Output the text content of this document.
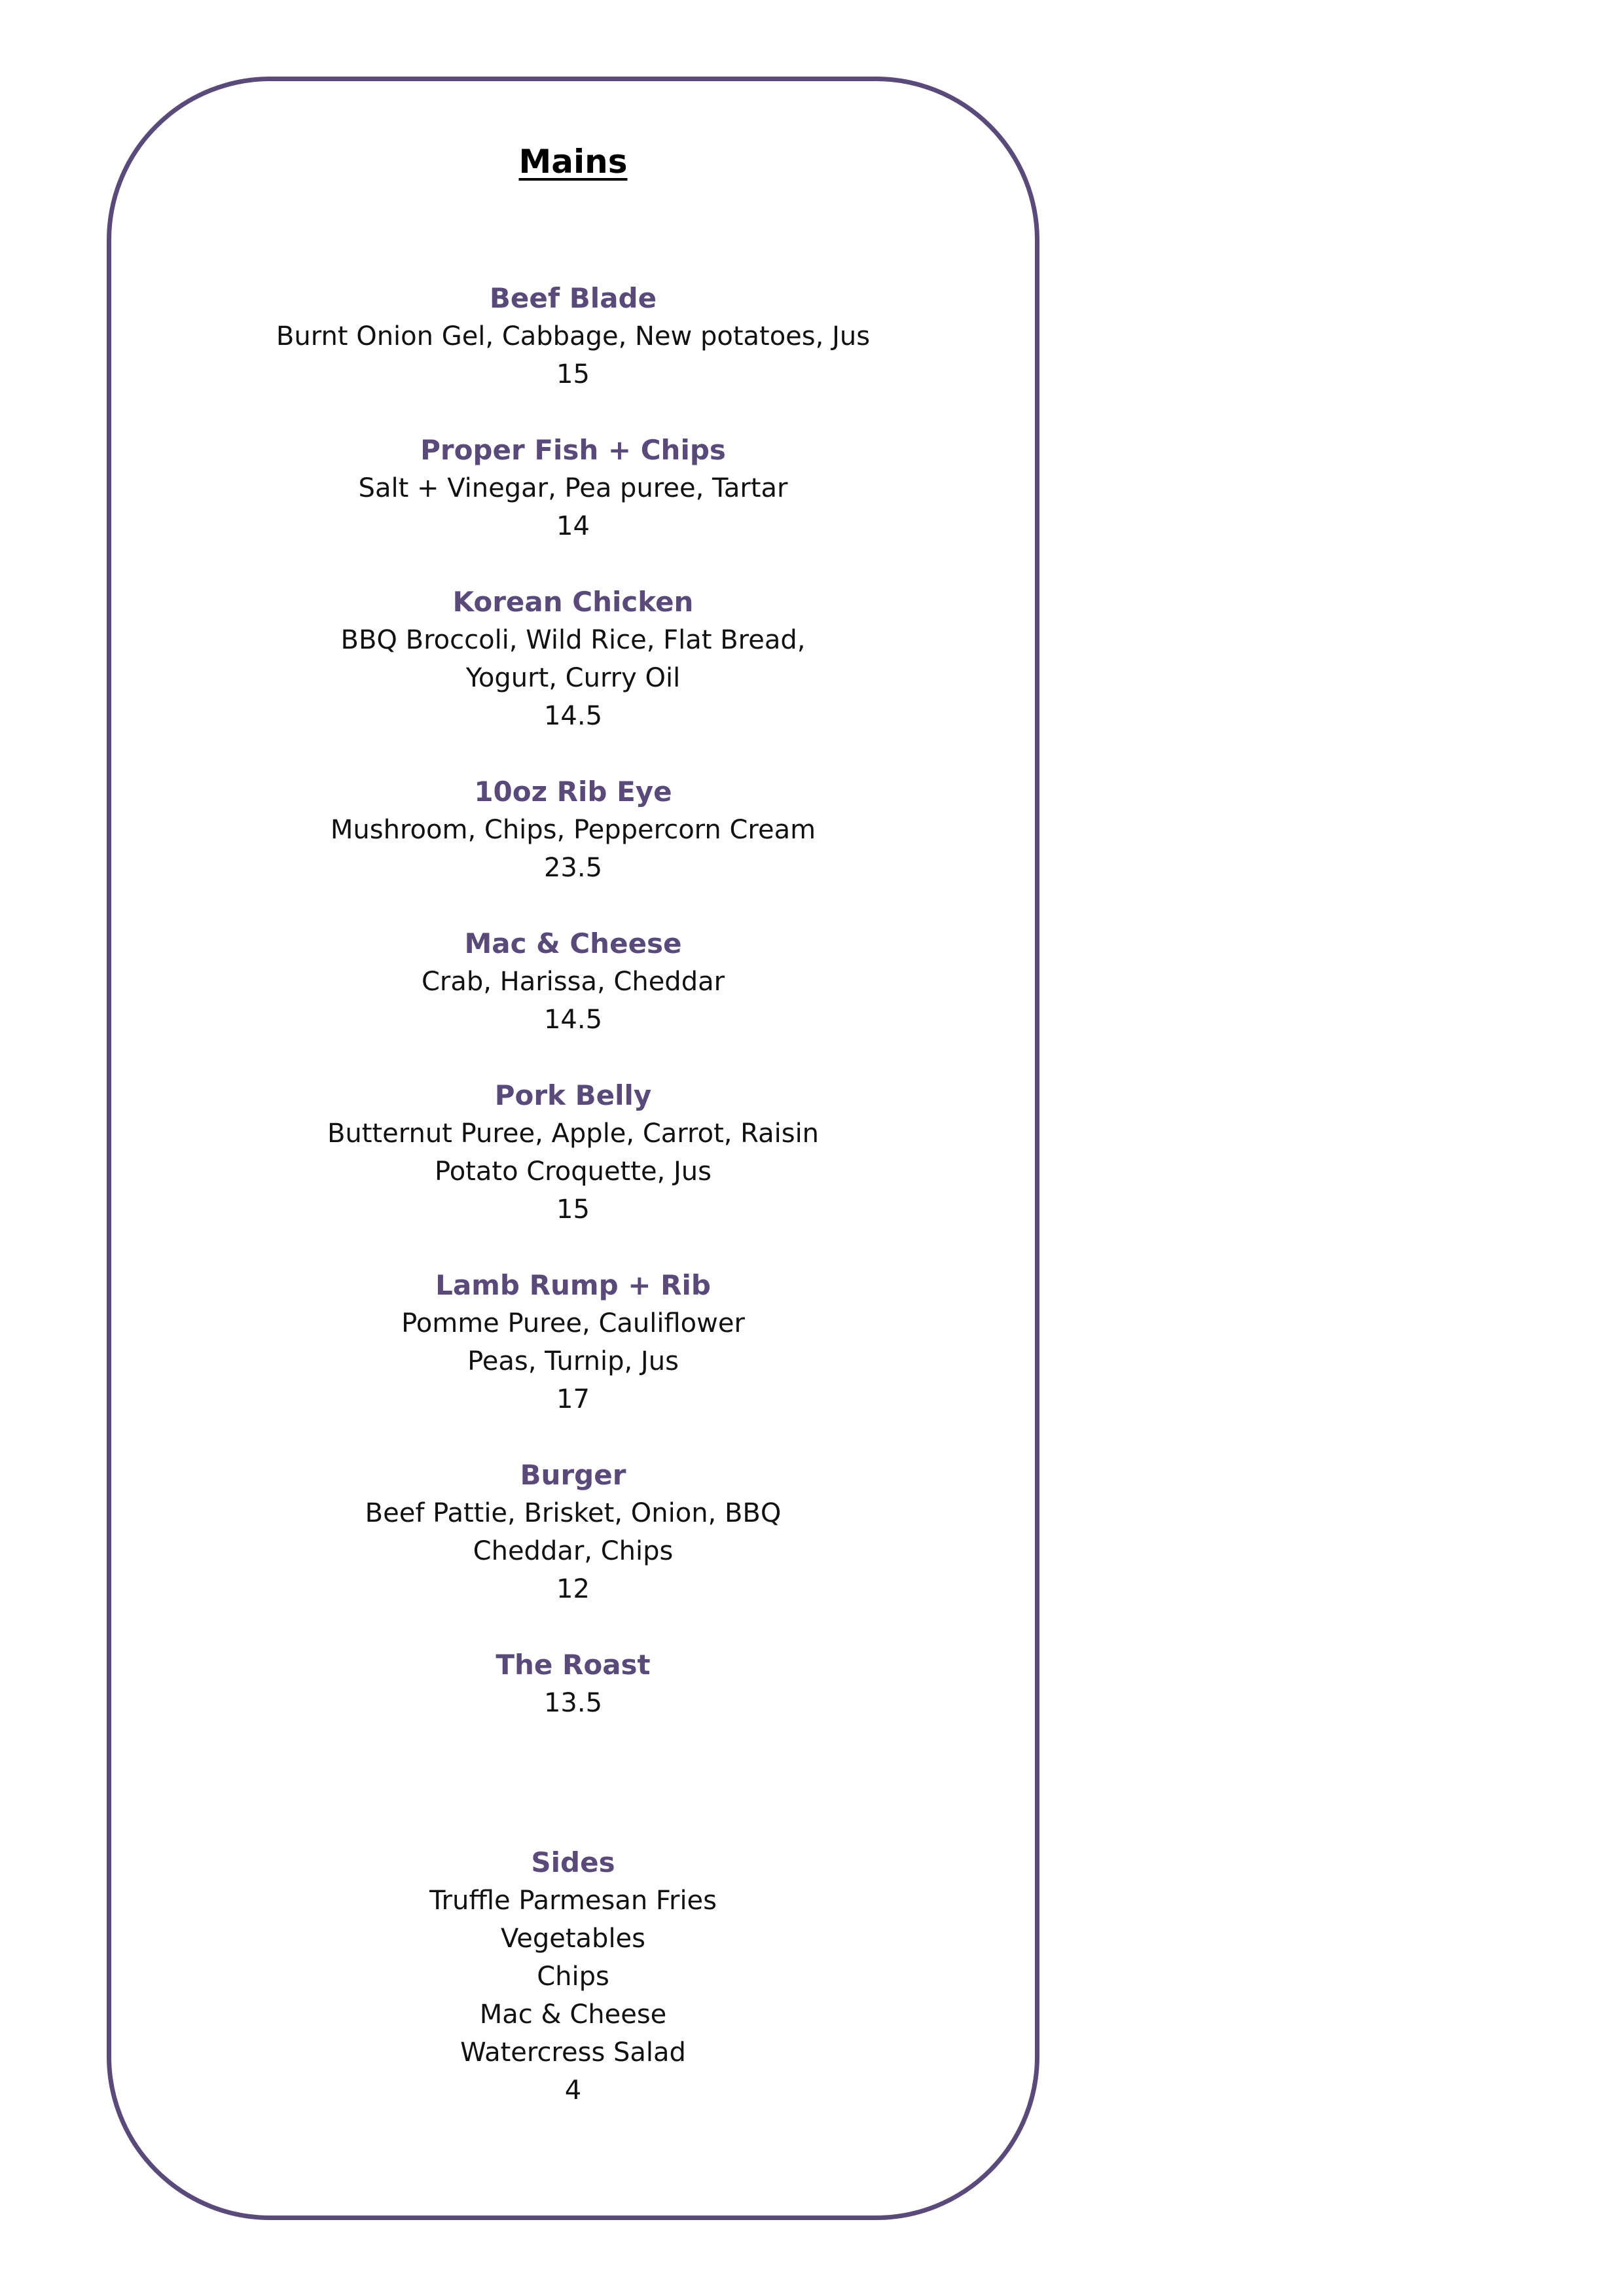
Mains
Beef Blade
Burnt Onion Gel, Cabbage, New potatoes, Jus
15
Proper Fish + Chips
Salt + Vinegar, Pea puree, Tartar
14
Korean Chicken
BBQ Broccoli, Wild Rice, Flat Bread,
Yogurt, Curry Oil
14.5
10oz Rib Eye
Mushroom, Chips, Peppercorn Cream
23.5
Mac & Cheese
Crab, Harissa, Cheddar
14.5
Pork Belly
Butternut Puree, Apple, Carrot, Raisin
Potato Croquette, Jus
15
Lamb Rump + Rib
Pomme Puree, Cauliflower
Peas, Turnip, Jus
17
Burger
Beef Pattie, Brisket, Onion, BBQ
Cheddar, Chips
12
The Roast
13.5
Sides
Truffle Parmesan Fries
Vegetables
Chips
Mac & Cheese
Watercress Salad
4
